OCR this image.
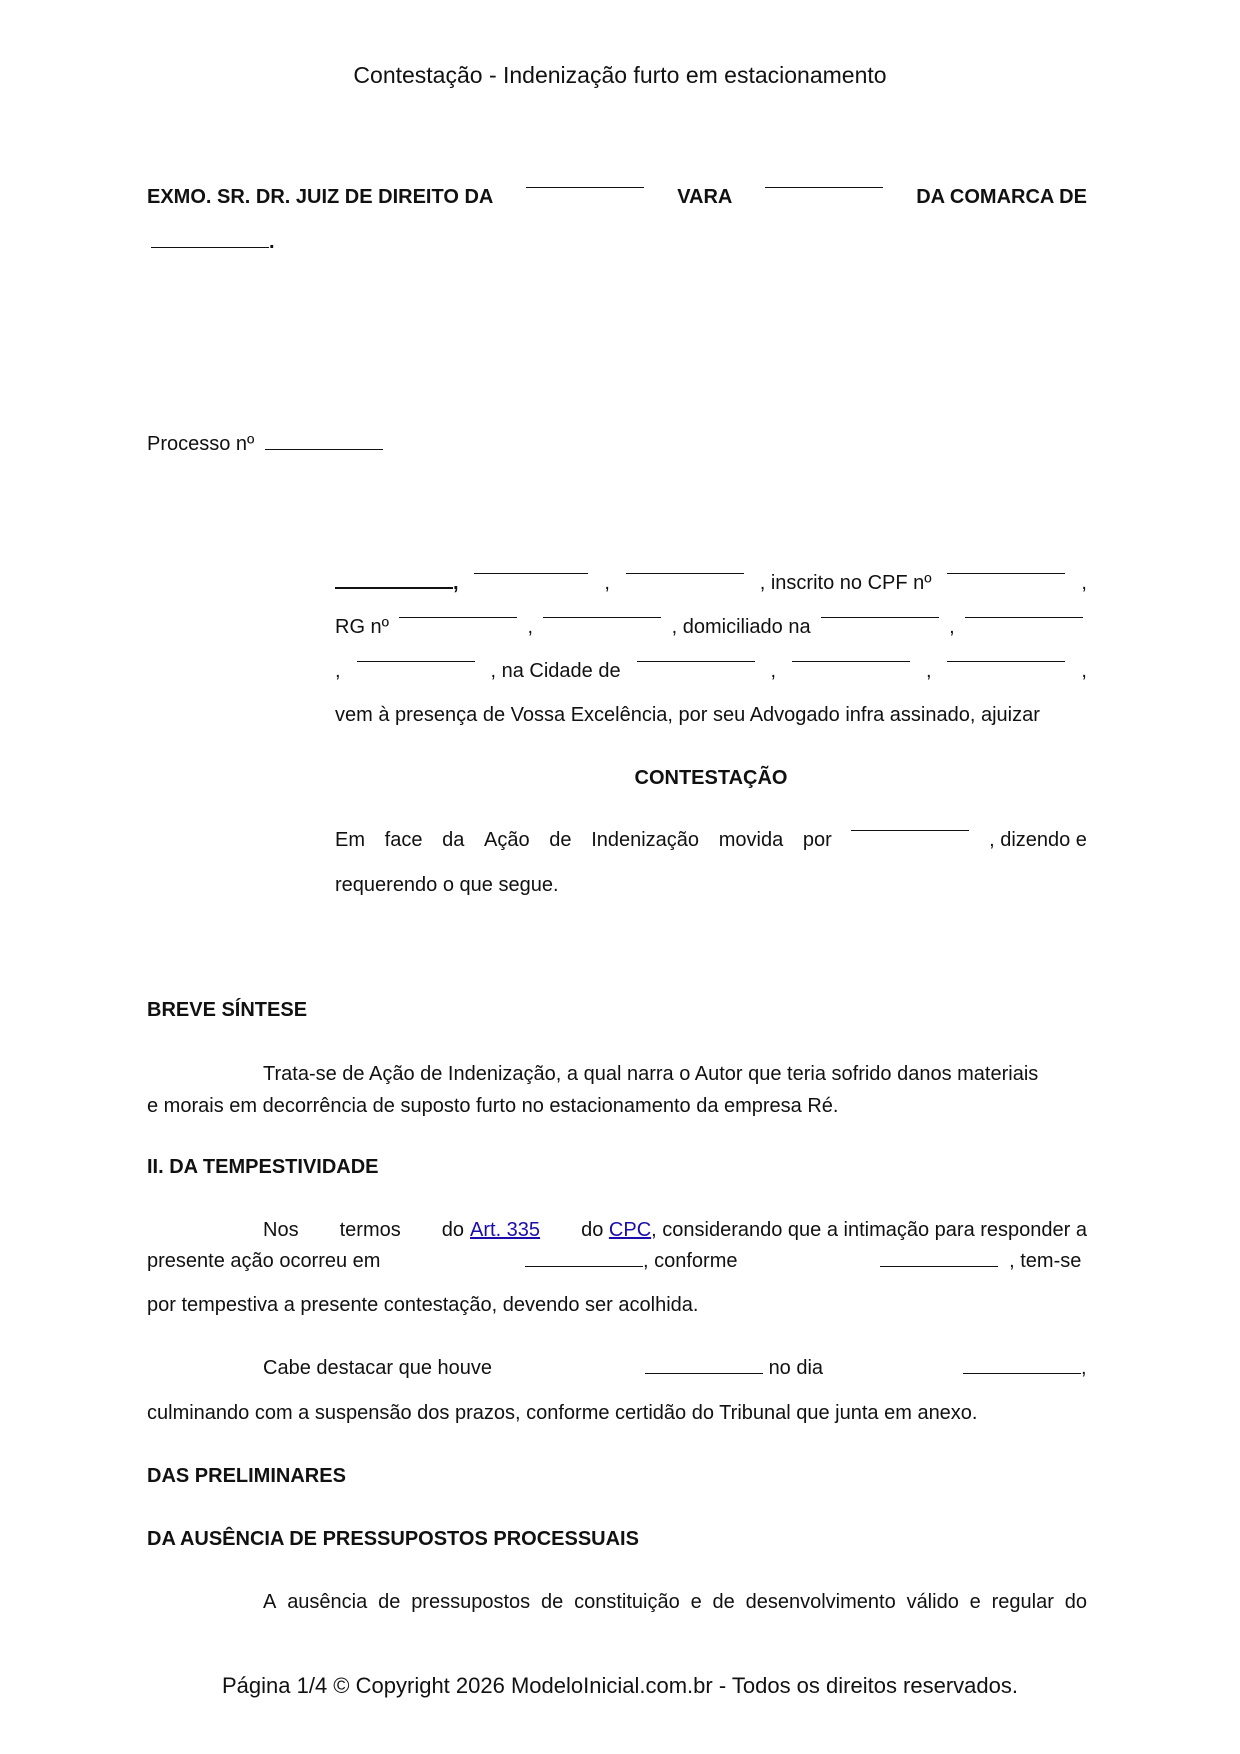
Contestação - Indenização furto em estacionamento
EXMO. SR. DR. JUIZ DE DIREITO DA	VARA	DA COMARCA DE
.
Processo nº
,	,	, inscrito no CPF nº	,
RG nº	,	, domiciliado na	,
,	, na Cidade de	,	,	,
vem à presença de Vossa Excelência, por seu Advogado infra assinado, ajuizar
CONTESTAÇÃO
Em face da Ação de Indenização movida por	, dizendo e
requerendo o que segue.
BREVE SÍNTESE
Trata-se de Ação de Indenização, a qual narra o Autor que teria sofrido danos materiais
e morais em decorrência de suposto furto no estacionamento da empresa Ré.
II. DA TEMPESTIVIDADE
Nos termos do Art. 335 do
CPC , considerando que a intimação para responder a
presente ação ocorreu em	, conforme	, tem-se
por tempestiva a presente contestação, devendo ser acolhida.
Cabe destacar que houve	no dia	,
culminando com a suspensão dos prazos, conforme certidão do Tribunal que junta em anexo.
DAS PRELIMINARES
DA AUSÊNCIA DE PRESSUPOSTOS PROCESSUAIS
A ausência de pressupostos de constituição e de desenvolvimento válido e regular do
Página 1/4 © Copyright 2026 ModeloInicial.com.br - Todos os direitos reservados.
